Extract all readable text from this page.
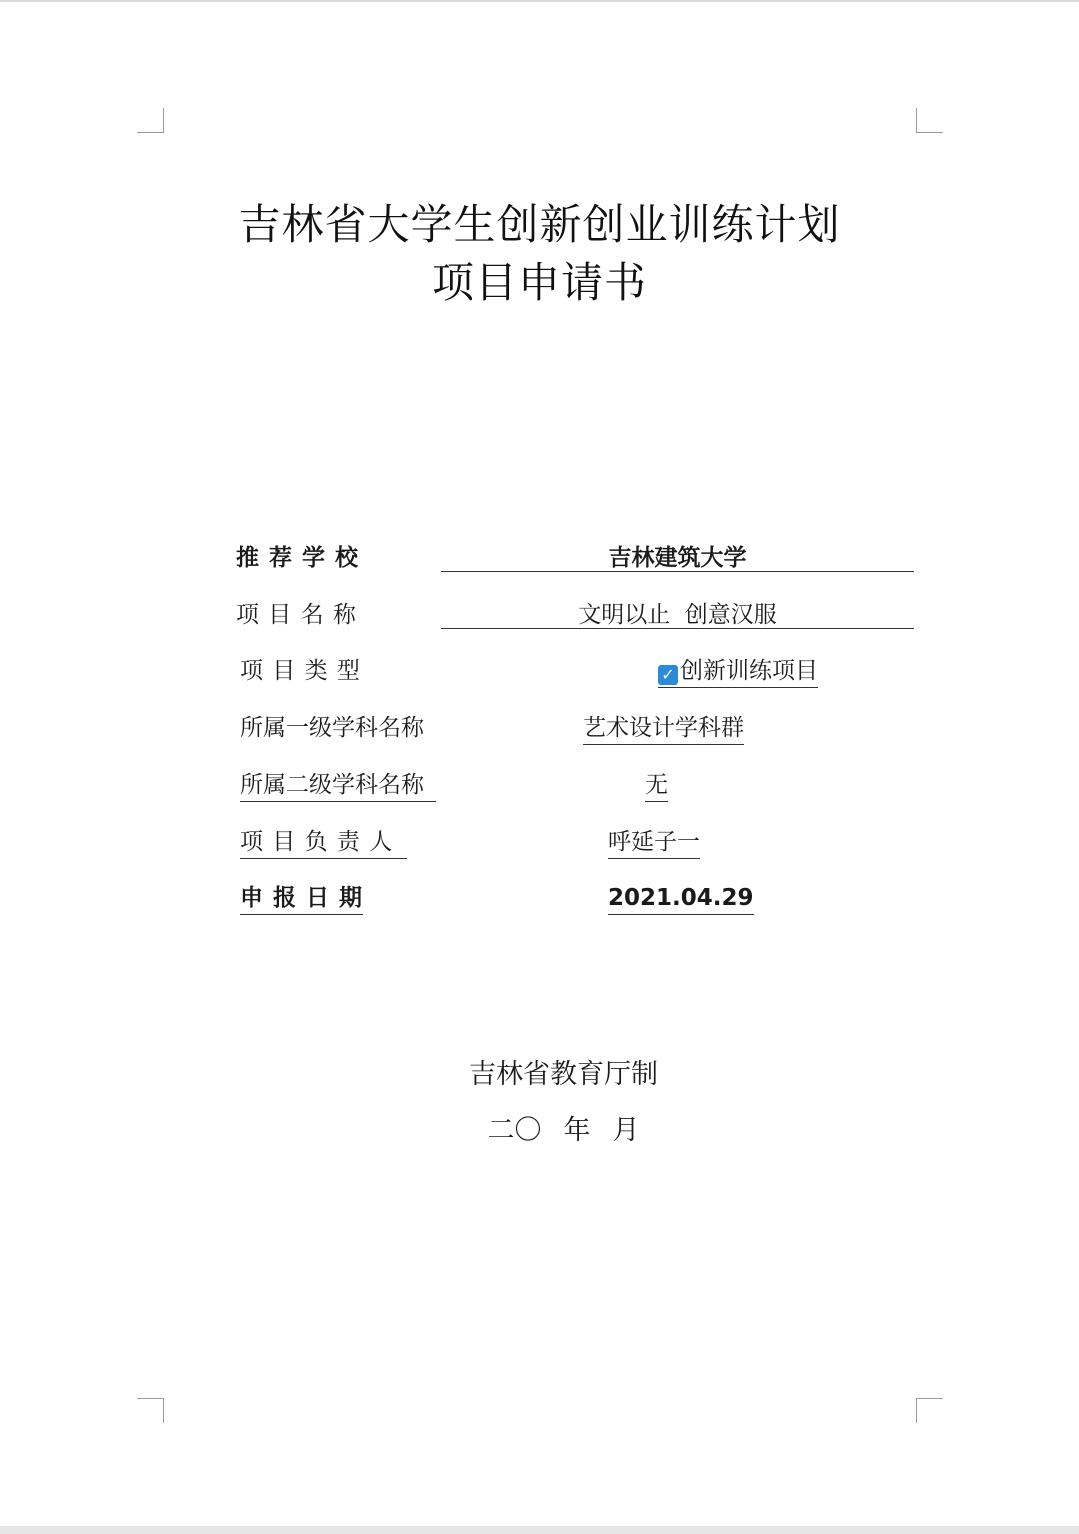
吉林省大学生创新创业训练计划
项目申请书
推 荐 学 校	吉林建筑大学
项 目 名 称	文明以止  创意汉服
项 目 类 型	✓ 创新训练项目
所属一级学科名称	艺术设计学科群
所属二级学科名称	无
项 目 负 责 人	呼延子一
申 报 日 期	2021.04.29
吉林省教育厅制
二〇 年 月
